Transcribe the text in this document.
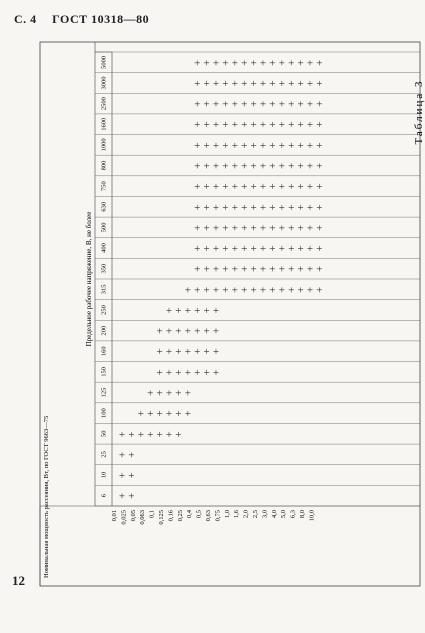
С. 4 ГОСТ 10318—80
Таблица 3
Предельное рабочее напряжение, В, не более
Номинальная мощность рассеяния, Вт, по ГОСТ 9663—75	6
10
25
50
100
125
150
160
200
250
315
350
400
500
630
750
800
1000
1600
2500
3000
5000
0,01 0,025 0,05 0,063 0,1 0,125 0,16 0,25 0,4 0,5 0,63 0,75 1,0 1,6 2,0 2,5 3,0 4,0 5,0 6,3 8,0 10,0
+ +
+ +
+ +
+ + + + + + +
+ + + + + +
+ + + + +
+ + + + + + +
+ + + + + + +
+ + + + + + +
+ + + + + +
+ + + + + + + + + + + + + + +
+ + + + + + + + + + + + + +
+ + + + + + + + + + + + + +
+ + + + + + + + + + + + + +
+ + + + + + + + + + + + + +
+ + + + + + + + + + + + + +
+ + + + + + + + + + + + + +
+ + + + + + + + + + + + + +
+ + + + + + + + + + + + + +
+ + + + + + + + + + + + + +
+ + + + + + + + + + + + + +
+ + + + + + + + + + + + + +
12
